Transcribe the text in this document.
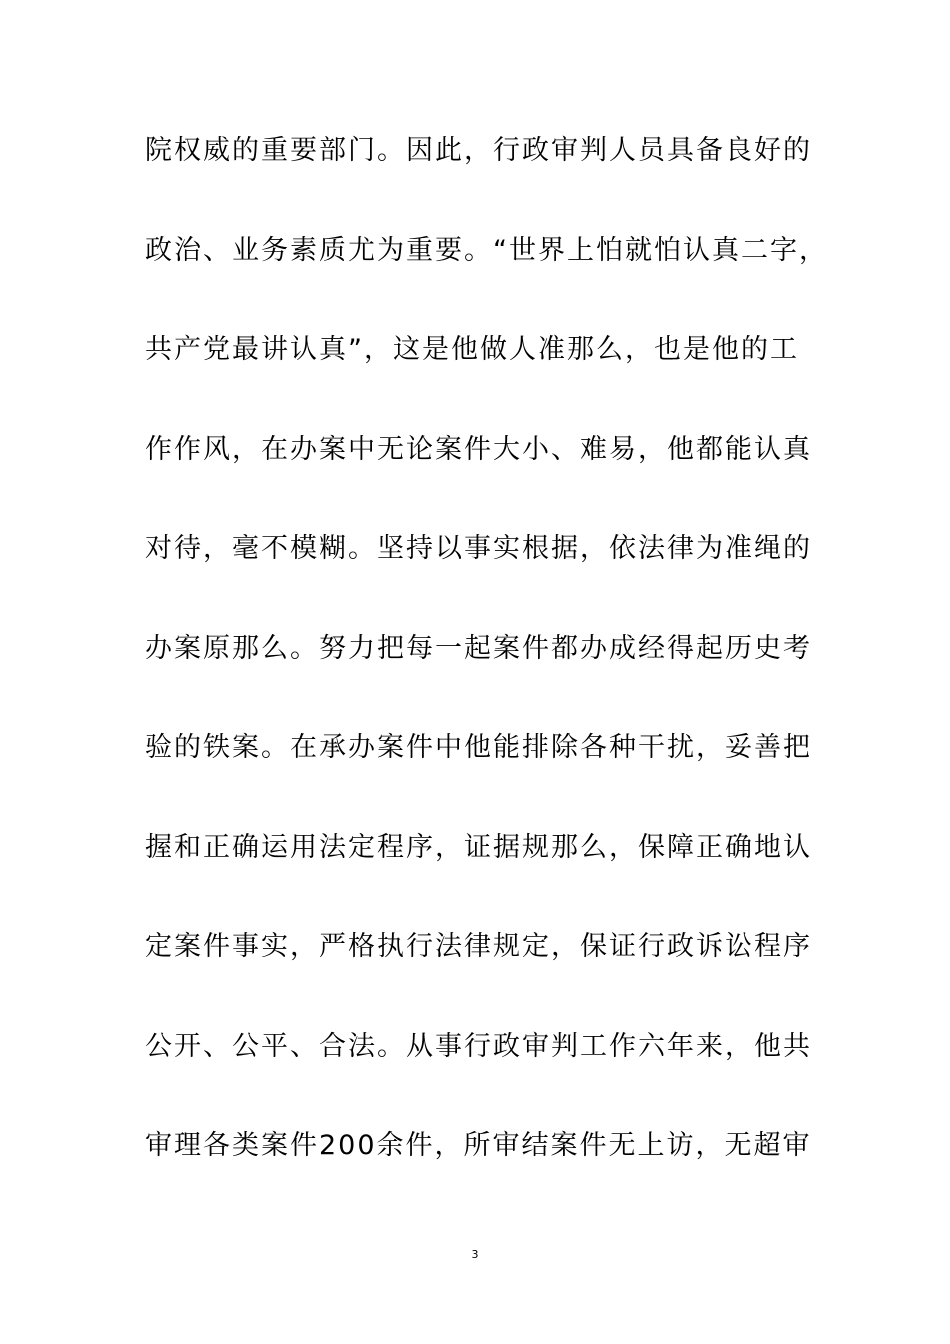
院权威的重要部门。因此，行政审判人员具备良好的
政治、业务素质尤为重要。“世界上怕就怕认真二字，
共产党最讲认真”，这是他做人准那么，也是他的工
作作风，在办案中无论案件大小、难易，他都能认真
对待，毫不模糊。坚持以事实根据，依法律为准绳的
办案原那么。努力把每一起案件都办成经得起历史考
验的铁案。在承办案件中他能排除各种干扰，妥善把
握和正确运用法定程序，证据规那么，保障正确地认
定案件事实，严格执行法律规定，保证行政诉讼程序
公开、公平、合法。从事行政审判工作六年来，他共
审理各类案件200余件，所审结案件无上访，无超审
3
